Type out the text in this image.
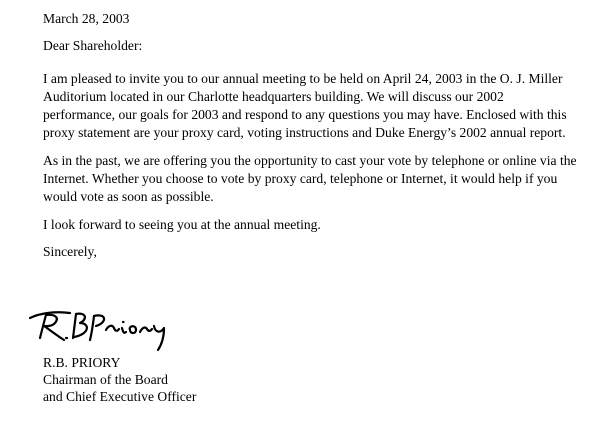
March 28, 2003
Dear Shareholder:
I am pleased to invite you to our annual meeting to be held on April 24, 2003 in the O. J. Miller
Auditorium located in our Charlotte headquarters building. We will discuss our 2002
performance, our goals for 2003 and respond to any questions you may have. Enclosed with this
proxy statement are your proxy card, voting instructions and Duke Energy’s 2002 annual report.
As in the past, we are offering you the opportunity to cast your vote by telephone or online via the
Internet. Whether you choose to vote by proxy card, telephone or Internet, it would help if you
would vote as soon as possible.
I look forward to seeing you at the annual meeting.
Sincerely,
R.B. PRIORY
Chairman of the Board
and Chief Executive Officer
